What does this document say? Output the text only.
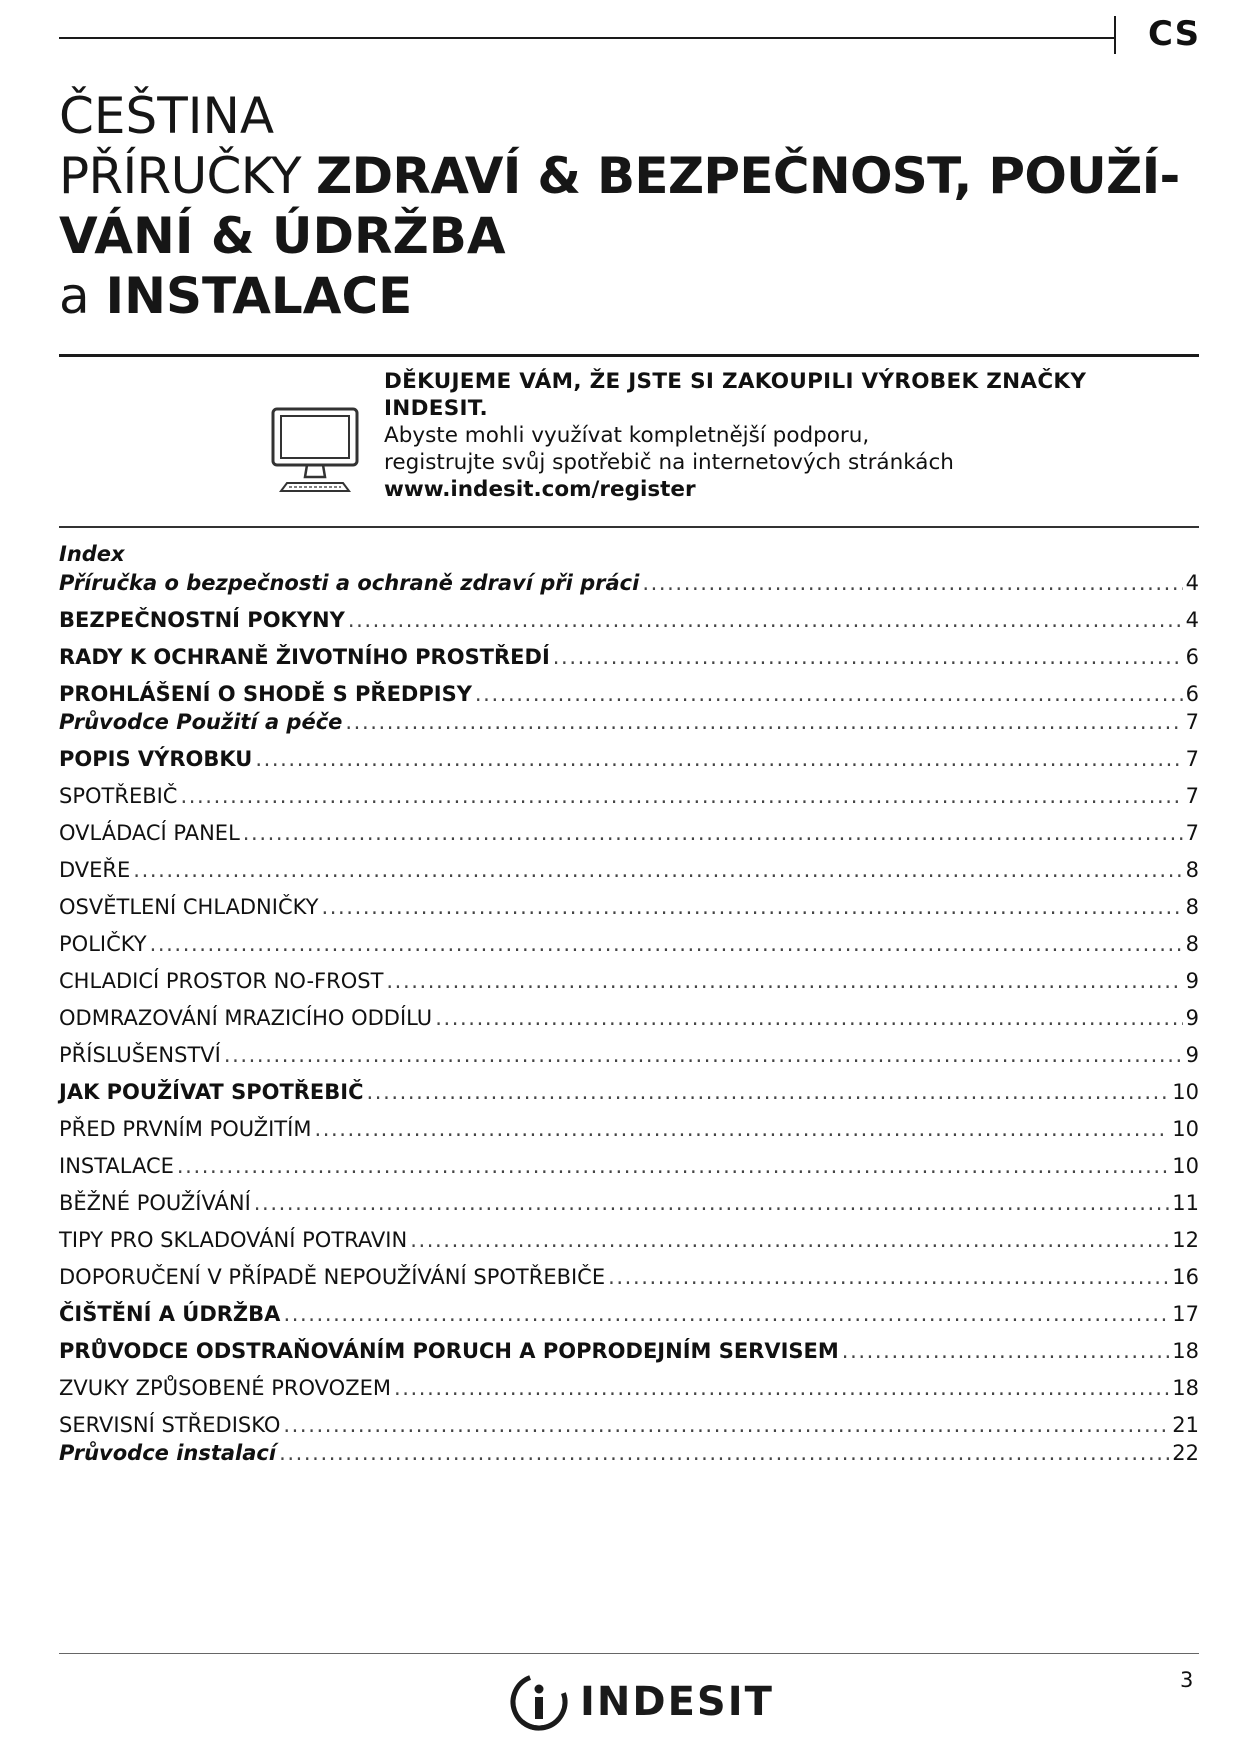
CS
ČEŠTINA
PŘÍRUČKY ZDRAVÍ & BEZPEČNOST, POUŽÍ-
VÁNÍ & ÚDRŽBA
a INSTALACE
DĚKUJEME VÁM, ŽE JSTE SI ZAKOUPILI VÝROBEK ZNAČKY
INDESIT.
Abyste mohli využívat kompletnější podporu,
registrujte svůj spotřebič na internetových stránkách
www.indesit.com/register
Index
Příručka o bezpečnosti a ochraně zdraví při práci .....	4
BEZPEČNOSTNÍ POKYNY .....	4
RADY K OCHRANĚ ŽIVOTNÍHO PROSTŘEDÍ .....	6
PROHLÁŠENÍ O SHODĚ S PŘEDPISY .....	6
Průvodce Použití a péče .....	7
POPIS VÝROBKU .....	7
SPOTŘEBIČ .....	7
OVLÁDACÍ PANEL .....	7
DVEŘE .....	8
OSVĚTLENÍ CHLADNIČKY .....	8
POLIČKY .....	8
CHLADICÍ PROSTOR NO-FROST .....	9
ODMRAZOVÁNÍ MRAZICÍHO ODDÍLU .....	9
PŘÍSLUŠENSTVÍ .....	9
JAK POUŽÍVAT SPOTŘEBIČ .....	10
PŘED PRVNÍM POUŽITÍM .....	10
INSTALACE .....	10
BĚŽNÉ POUŽÍVÁNÍ .....	11
TIPY PRO SKLADOVÁNÍ POTRAVIN .....	12
DOPORUČENÍ V PŘÍPADĚ NEPOUŽÍVÁNÍ SPOTŘEBIČE .....	16
ČIŠTĚNÍ A ÚDRŽBA .....	17
PRŮVODCE ODSTRAŇOVÁNÍM PORUCH A POPRODEJNÍM SERVISEM .....	18
ZVUKY ZPŮSOBENÉ PROVOZEM .....	18
SERVISNÍ STŘEDISKO .....	21
Průvodce instalací .....	22
INDESIT	3
